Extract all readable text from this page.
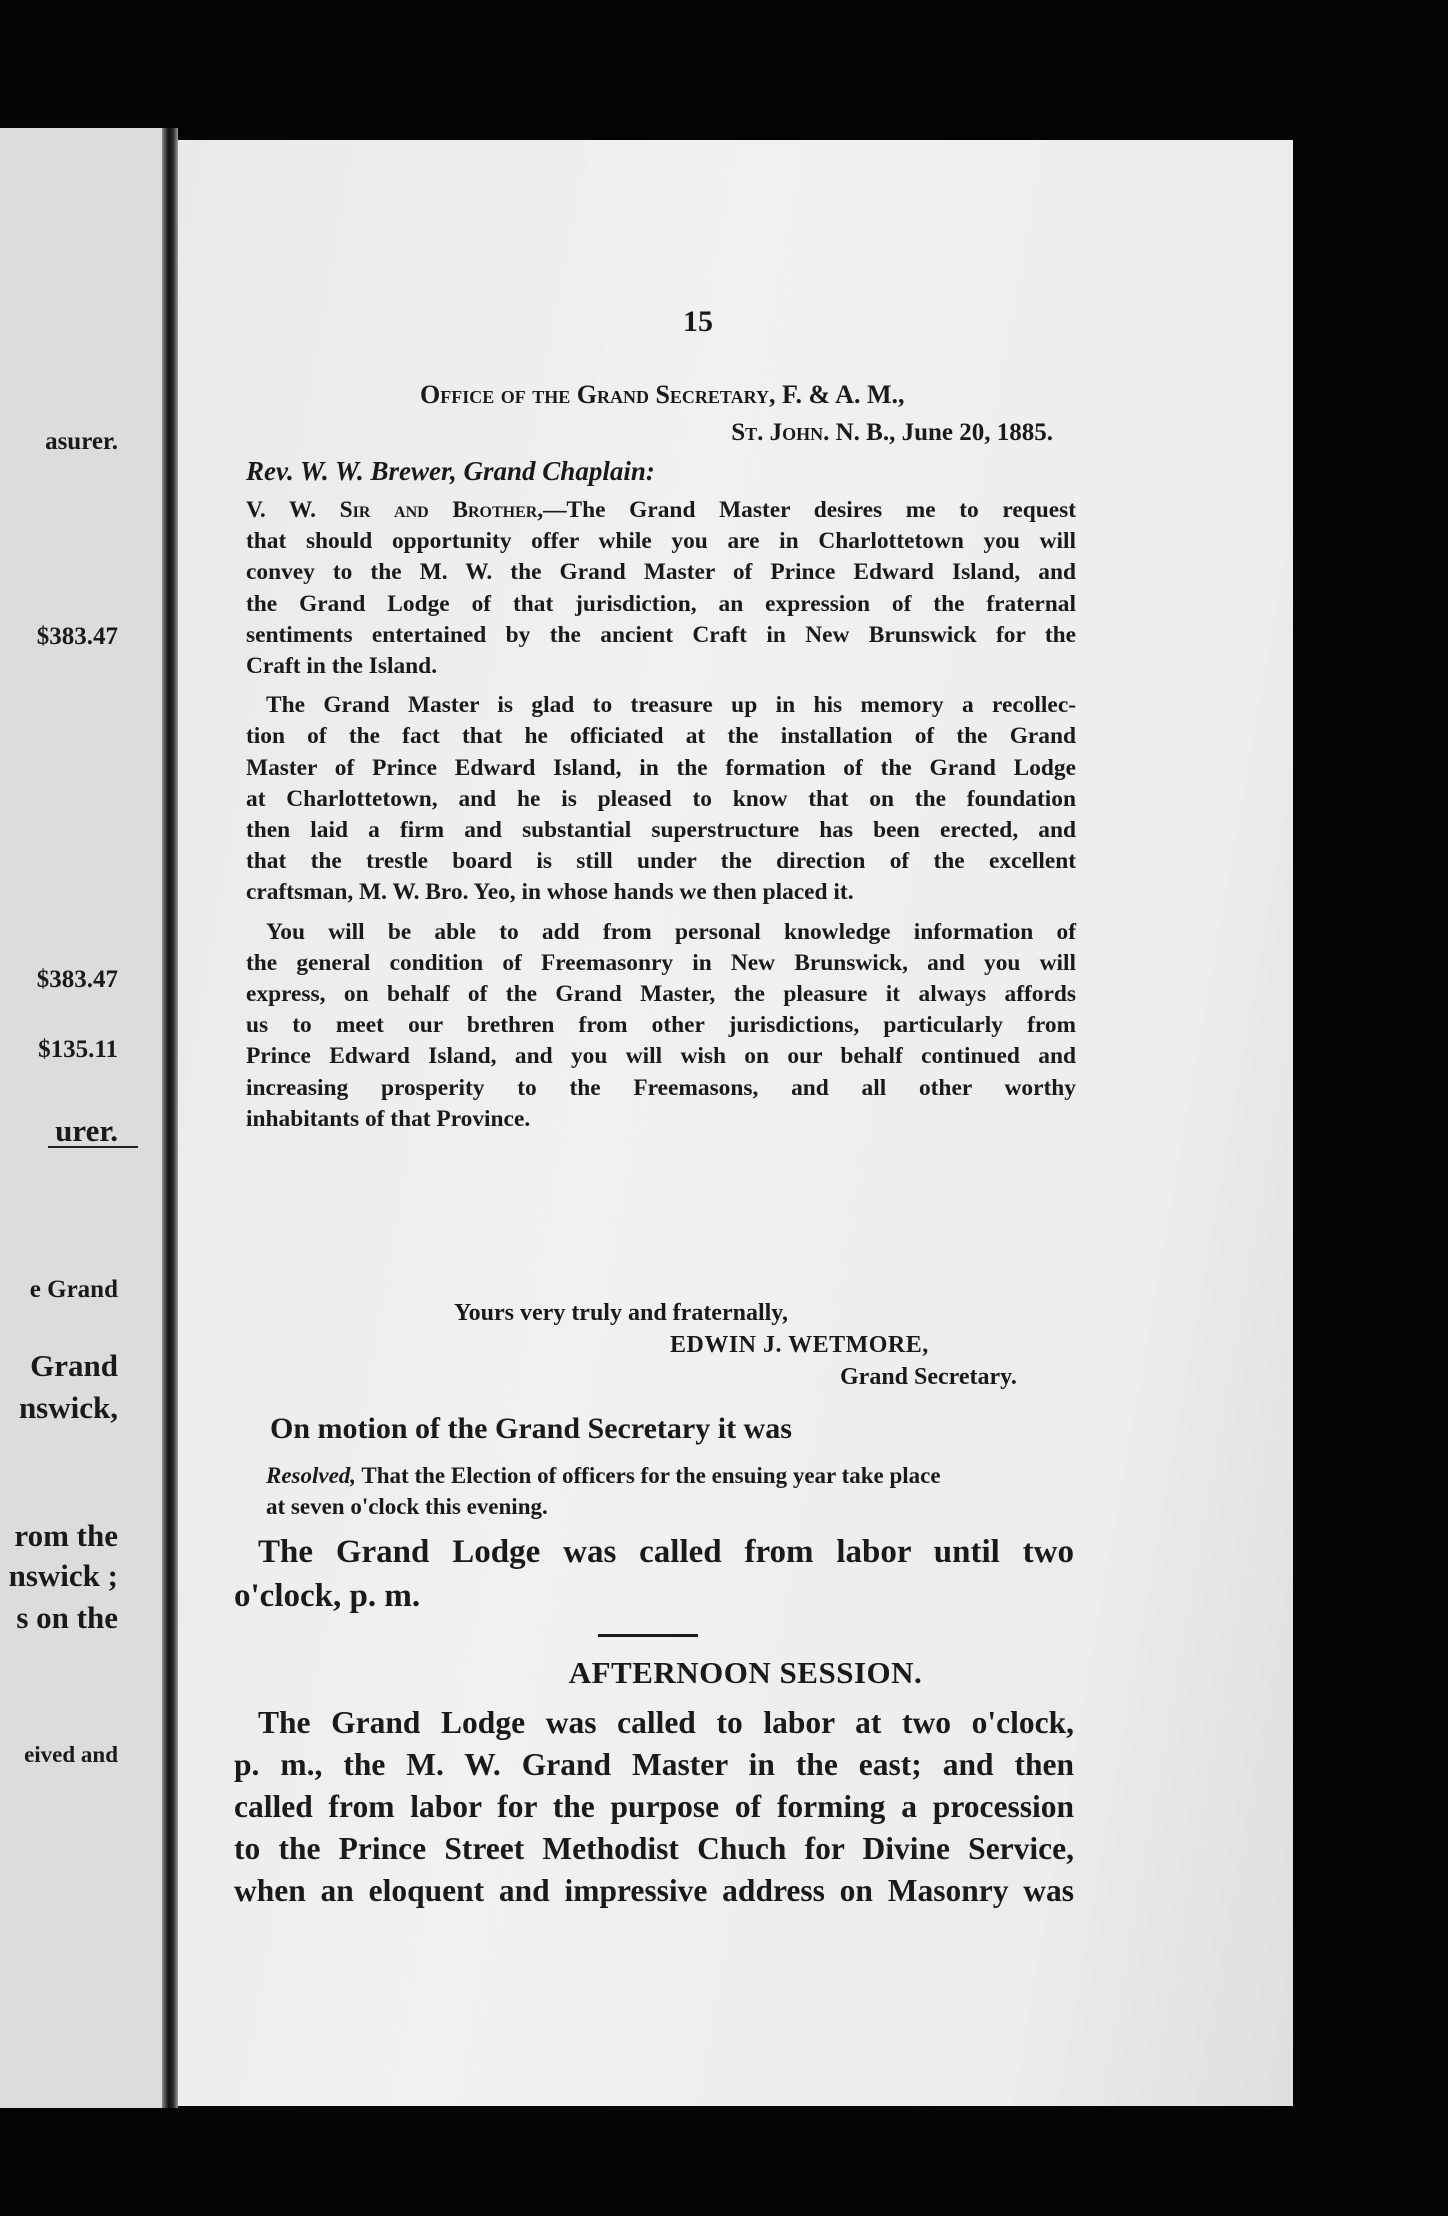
asurer.
$383.47
$383.47
$135.11
urer.
e Grand
Grand
nswick,
rom the
nswick ;
s on the
eived and
15
Office of the Grand Secretary, F. & A. M.,
St. John. N. B., June 20, 1885.
Rev. W. W. Brewer, Grand Chaplain:

V. W. Sir and Brother,—The Grand Master desires me to request
that should opportunity offer while you are in Charlottetown you will
convey to the M. W. the Grand Master of Prince Edward Island, and
the Grand Lodge of that jurisdiction, an expression of the fraternal
sentiments entertained by the ancient Craft in New Brunswick for the
Craft in the Island.

The Grand Master is glad to treasure up in his memory a recollec-
tion of the fact that he officiated at the installation of the Grand
Master of Prince Edward Island, in the formation of the Grand Lodge
at Charlottetown, and he is pleased to know that on the foundation
then laid a firm and substantial superstructure has been erected, and
that the trestle board is still under the direction of the excellent
craftsman, M. W. Bro. Yeo, in whose hands we then placed it.

You will be able to add from personal knowledge information of
the general condition of Freemasonry in New Brunswick, and you will
express, on behalf of the Grand Master, the pleasure it always affords
us to meet our brethren from other jurisdictions, particularly from
Prince Edward Island, and you will wish on our behalf continued and
increasing prosperity to the Freemasons, and all other worthy
inhabitants of that Province.

Yours very truly and fraternally,
EDWIN J. WETMORE,
Grand Secretary.
On motion of the Grand Secretary it was
Resolved, That the Election of officers for the ensuing year take place
at seven o'clock this evening.
The Grand Lodge was called from labor until two
o'clock, p. m.
AFTERNOON SESSION.
The Grand Lodge was called to labor at two o'clock,
p. m., the M. W. Grand Master in the east; and then
called from labor for the purpose of forming a procession
to the Prince Street Methodist Chuch for Divine Service,
when an eloquent and impressive address on Masonry was
